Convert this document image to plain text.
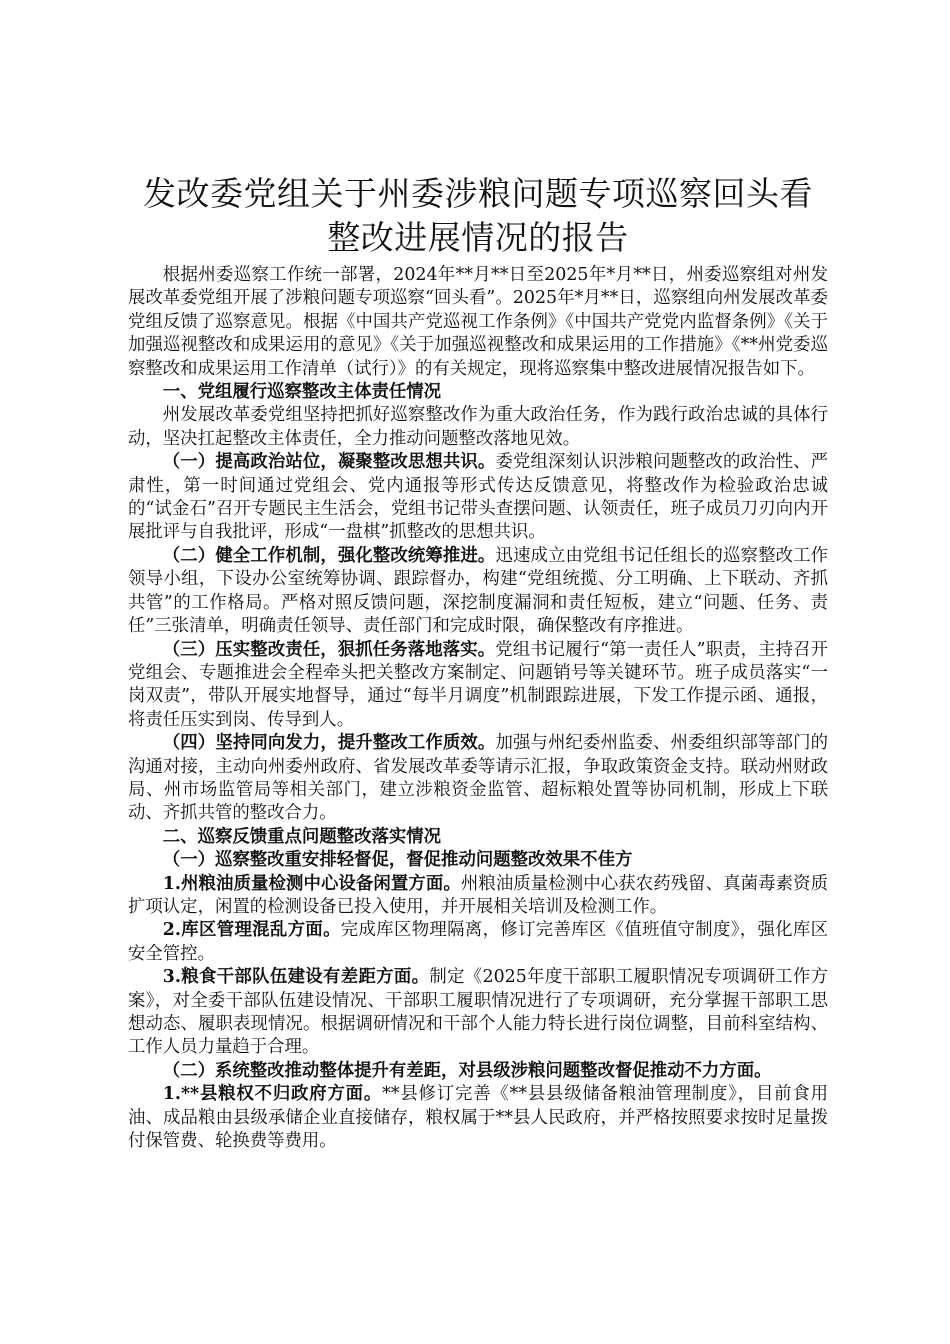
发改委党组关于州委涉粮问题专项巡察回头看
整改进展情况的报告

根据州委巡察工作统一部署，2024年**月**日至2025年*月**日，州委巡察组对州发展改革委党组开展了涉粮问题专项巡察“回头看”。2025年*月**日，巡察组向州发展改革委党组反馈了巡察意见。根据《中国共产党巡视工作条例》《中国共产党党内监督条例》《关于加强巡视整改和成果运用的意见》《关于加强巡视整改和成果运用的工作措施》《**州党委巡察整改和成果运用工作清单（试行）》的有关规定，现将巡察集中整改进展情况报告如下。

一、党组履行巡察整改主体责任情况

州发展改革委党组坚持把抓好巡察整改作为重大政治任务，作为践行政治忠诚的具体行动，坚决扛起整改主体责任，全力推动问题整改落地见效。

（一）提高政治站位，凝聚整改思想共识。委党组深刻认识涉粮问题整改的政治性、严肃性，第一时间通过党组会、党内通报等形式传达反馈意见，将整改作为检验政治忠诚的“试金石”召开专题民主生活会，党组书记带头查摆问题、认领责任，班子成员刀刃向内开展批评与自我批评，形成“一盘棋”抓整改的思想共识。

（二）健全工作机制，强化整改统筹推进。迅速成立由党组书记任组长的巡察整改工作领导小组，下设办公室统筹协调、跟踪督办，构建“党组统揽、分工明确、上下联动、齐抓共管”的工作格局。严格对照反馈问题，深挖制度漏洞和责任短板，建立“问题、任务、责任”三张清单，明确责任领导、责任部门和完成时限，确保整改有序推进。

（三）压实整改责任，狠抓任务落地落实。党组书记履行“第一责任人”职责，主持召开党组会、专题推进会全程牵头把关整改方案制定、问题销号等关键环节。班子成员落实“一岗双责”，带队开展实地督导，通过“每半月调度”机制跟踪进展，下发工作提示函、通报，将责任压实到岗、传导到人。

（四）坚持同向发力，提升整改工作质效。加强与州纪委州监委、州委组织部等部门的沟通对接，主动向州委州政府、省发展改革委等请示汇报，争取政策资金支持。联动州财政局、州市场监管局等相关部门，建立涉粮资金监管、超标粮处置等协同机制，形成上下联动、齐抓共管的整改合力。

二、巡察反馈重点问题整改落实情况

（一）巡察整改重安排轻督促，督促推动问题整改效果不佳方

1.州粮油质量检测中心设备闲置方面。州粮油质量检测中心获农药残留、真菌毒素资质扩项认定，闲置的检测设备已投入使用，并开展相关培训及检测工作。

2.库区管理混乱方面。完成库区物理隔离，修订完善库区《值班值守制度》，强化库区安全管控。

3.粮食干部队伍建设有差距方面。制定《2025年度干部职工履职情况专项调研工作方案》，对全委干部队伍建设情况、干部职工履职情况进行了专项调研，充分掌握干部职工思想动态、履职表现情况。根据调研情况和干部个人能力特长进行岗位调整，目前科室结构、工作人员力量趋于合理。

（二）系统整改推动整体提升有差距，对县级涉粮问题整改督促推动不力方面。

1.**县粮权不归政府方面。**县修订完善《**县县级储备粮油管理制度》，目前食用油、成品粮由县级承储企业直接储存，粮权属于**县人民政府，并严格按照要求按时足量拨付保管费、轮换费等费用。
